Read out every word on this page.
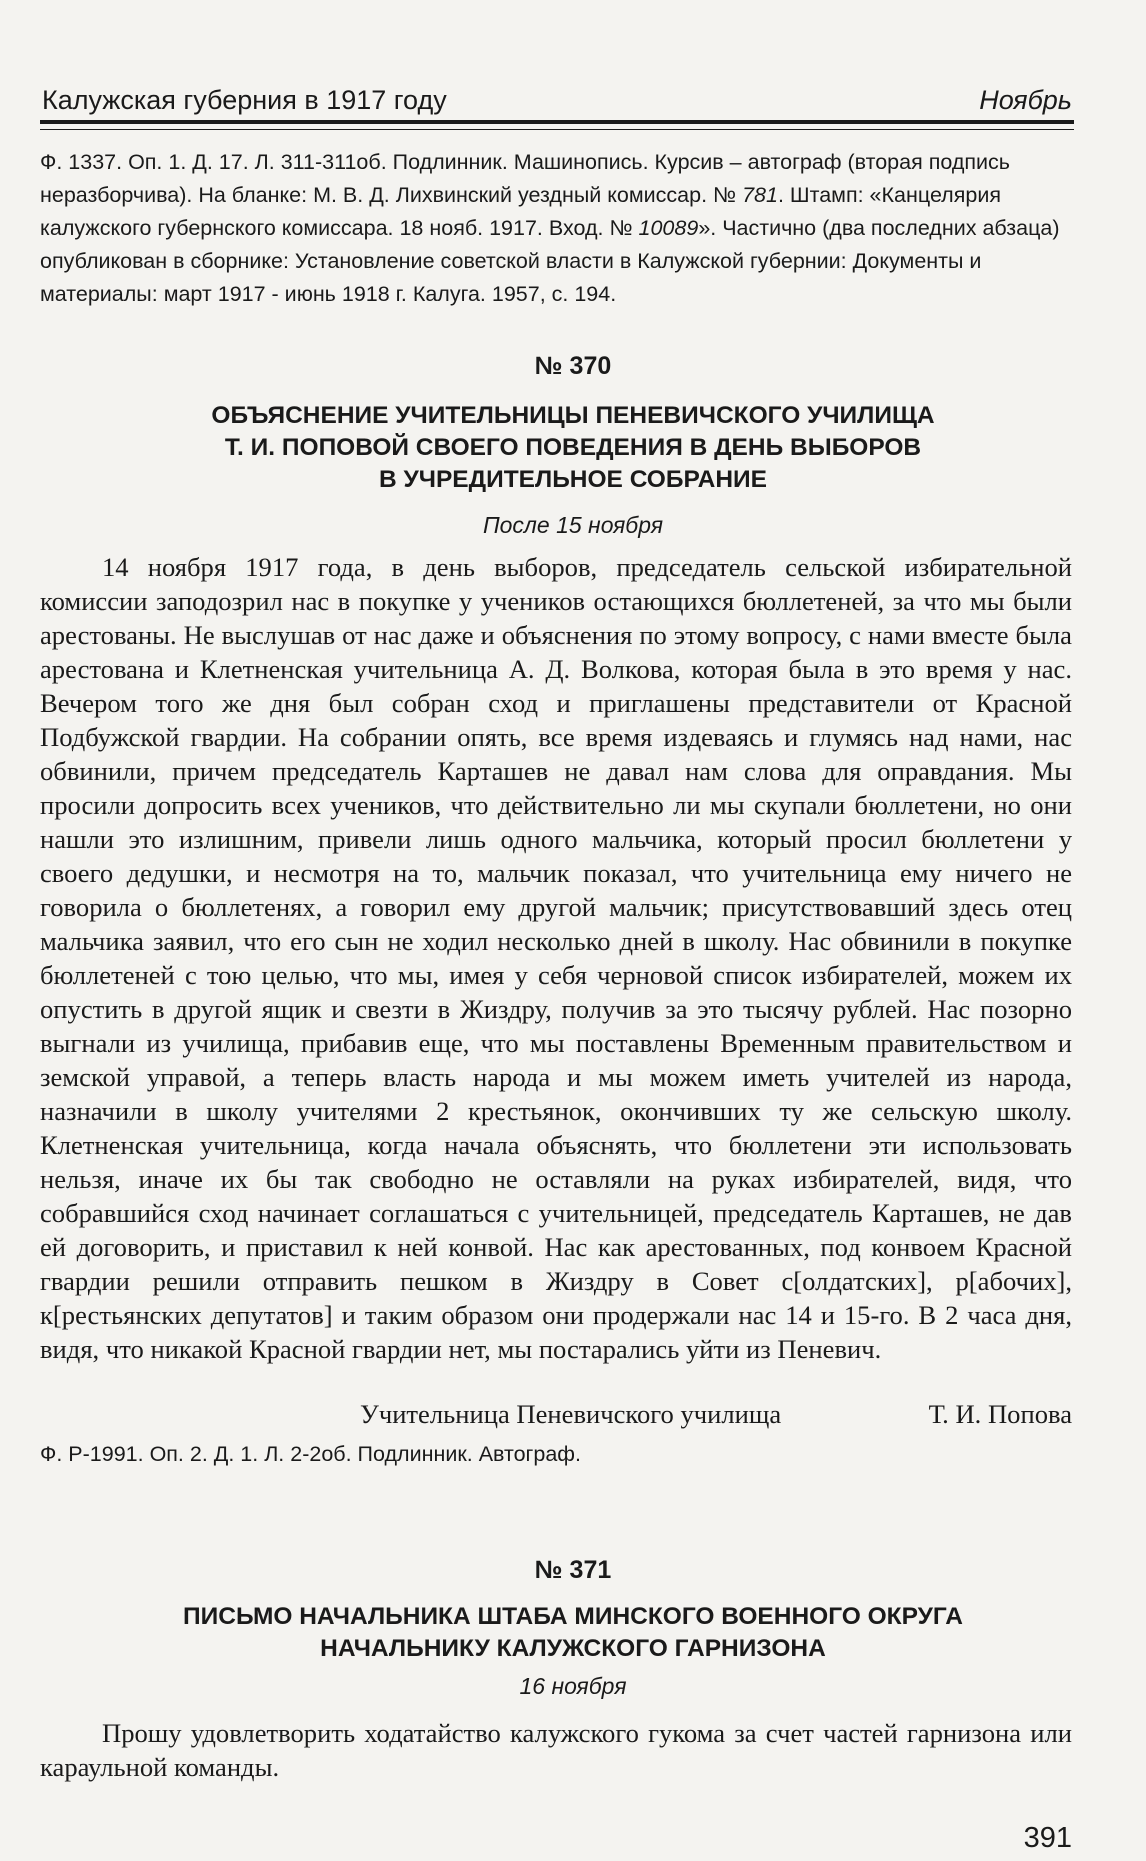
Калужская губерния в 1917 году	Ноябрь
Ф. 1337. Оп. 1. Д. 17. Л. 311-311об. Подлинник. Машинопись. Курсив – автограф (вторая подпись неразборчива). На бланке: М. В. Д. Лихвинский уездный комиссар. № 781. Штамп: «Канцелярия калужского губернского комиссара. 18 нояб. 1917. Вход. № 10089». Частично (два последних абзаца) опубликован в сборнике: Установление советской власти в Калужской губернии: Документы и материалы: март 1917 - июнь 1918 г. Калуга. 1957, с. 194.
№ 370

ОБЪЯСНЕНИЕ УЧИТЕЛЬНИЦЫ ПЕНЕВИЧСКОГО УЧИЛИЩА

Т. И. ПОПОВОЙ СВОЕГО ПОВЕДЕНИЯ В ДЕНЬ ВЫБОРОВ

В УЧРЕДИТЕЛЬНОЕ СОБРАНИЕ

После 15 ноября

14 ноября 1917 года, в день выборов, председатель сельской избирательной комиссии заподозрил нас в покупке у учеников остающихся бюллетеней, за что мы были арестованы. Не выслушав от нас даже и объяснения по этому вопросу, с нами вместе была арестована и Клетненская учительница А. Д. Волкова, которая была в это время у нас. Вечером того же дня был собран сход и приглашены представители от Красной Подбужской гвардии. На собрании опять, все время издеваясь и глумясь над нами, нас обвинили, причем председатель Карташев не давал нам слова для оправдания. Мы просили допросить всех учеников, что действительно ли мы скупали бюллетени, но они нашли это излишним, привели лишь одного мальчика, который просил бюллетени у своего дедушки, и несмотря на то, мальчик показал, что учительница ему ничего не говорила о бюллетенях, а говорил ему другой мальчик; присутствовавший здесь отец мальчика заявил, что его сын не ходил несколько дней в школу. Нас обвинили в покупке бюллетеней с тою целью, что мы, имея у себя черновой список избирателей, можем их опустить в другой ящик и свезти в Жиздру, получив за это тысячу рублей. Нас позорно выгнали из училища, прибавив еще, что мы поставлены Временным правительством и земской управой, а теперь власть народа и мы можем иметь учителей из народа, назначили в школу учителями 2 крестьянок, окончивших ту же сельскую школу. Клетненская учительница, когда начала объяснять, что бюллетени эти использовать нельзя, иначе их бы так свободно не оставляли на руках избирателей, видя, что собравшийся сход начинает соглашаться с учительницей, председатель Карташев, не дав ей договорить, и приставил к ней конвой. Нас как арестованных, под конвоем Красной гвардии решили отправить пешком в Жиздру в Совет с[олдатских], р[абочих], к[рестьянских депутатов] и таким образом они продержали нас 14 и 15-го. В 2 часа дня, видя, что никакой Красной гвардии нет, мы постарались уйти из Пеневич.

Учительница Пеневичского училища	Т. И. Попова
Ф. Р-1991. Оп. 2. Д. 1. Л. 2-2об. Подлинник. Автограф.
№ 371

ПИСЬМО НАЧАЛЬНИКА ШТАБА МИНСКОГО ВОЕННОГО ОКРУГА

НАЧАЛЬНИКУ КАЛУЖСКОГО ГАРНИЗОНА

16 ноября

Прошу удовлетворить ходатайство калужского гукома за счет частей гарнизона или караульной команды.

391
